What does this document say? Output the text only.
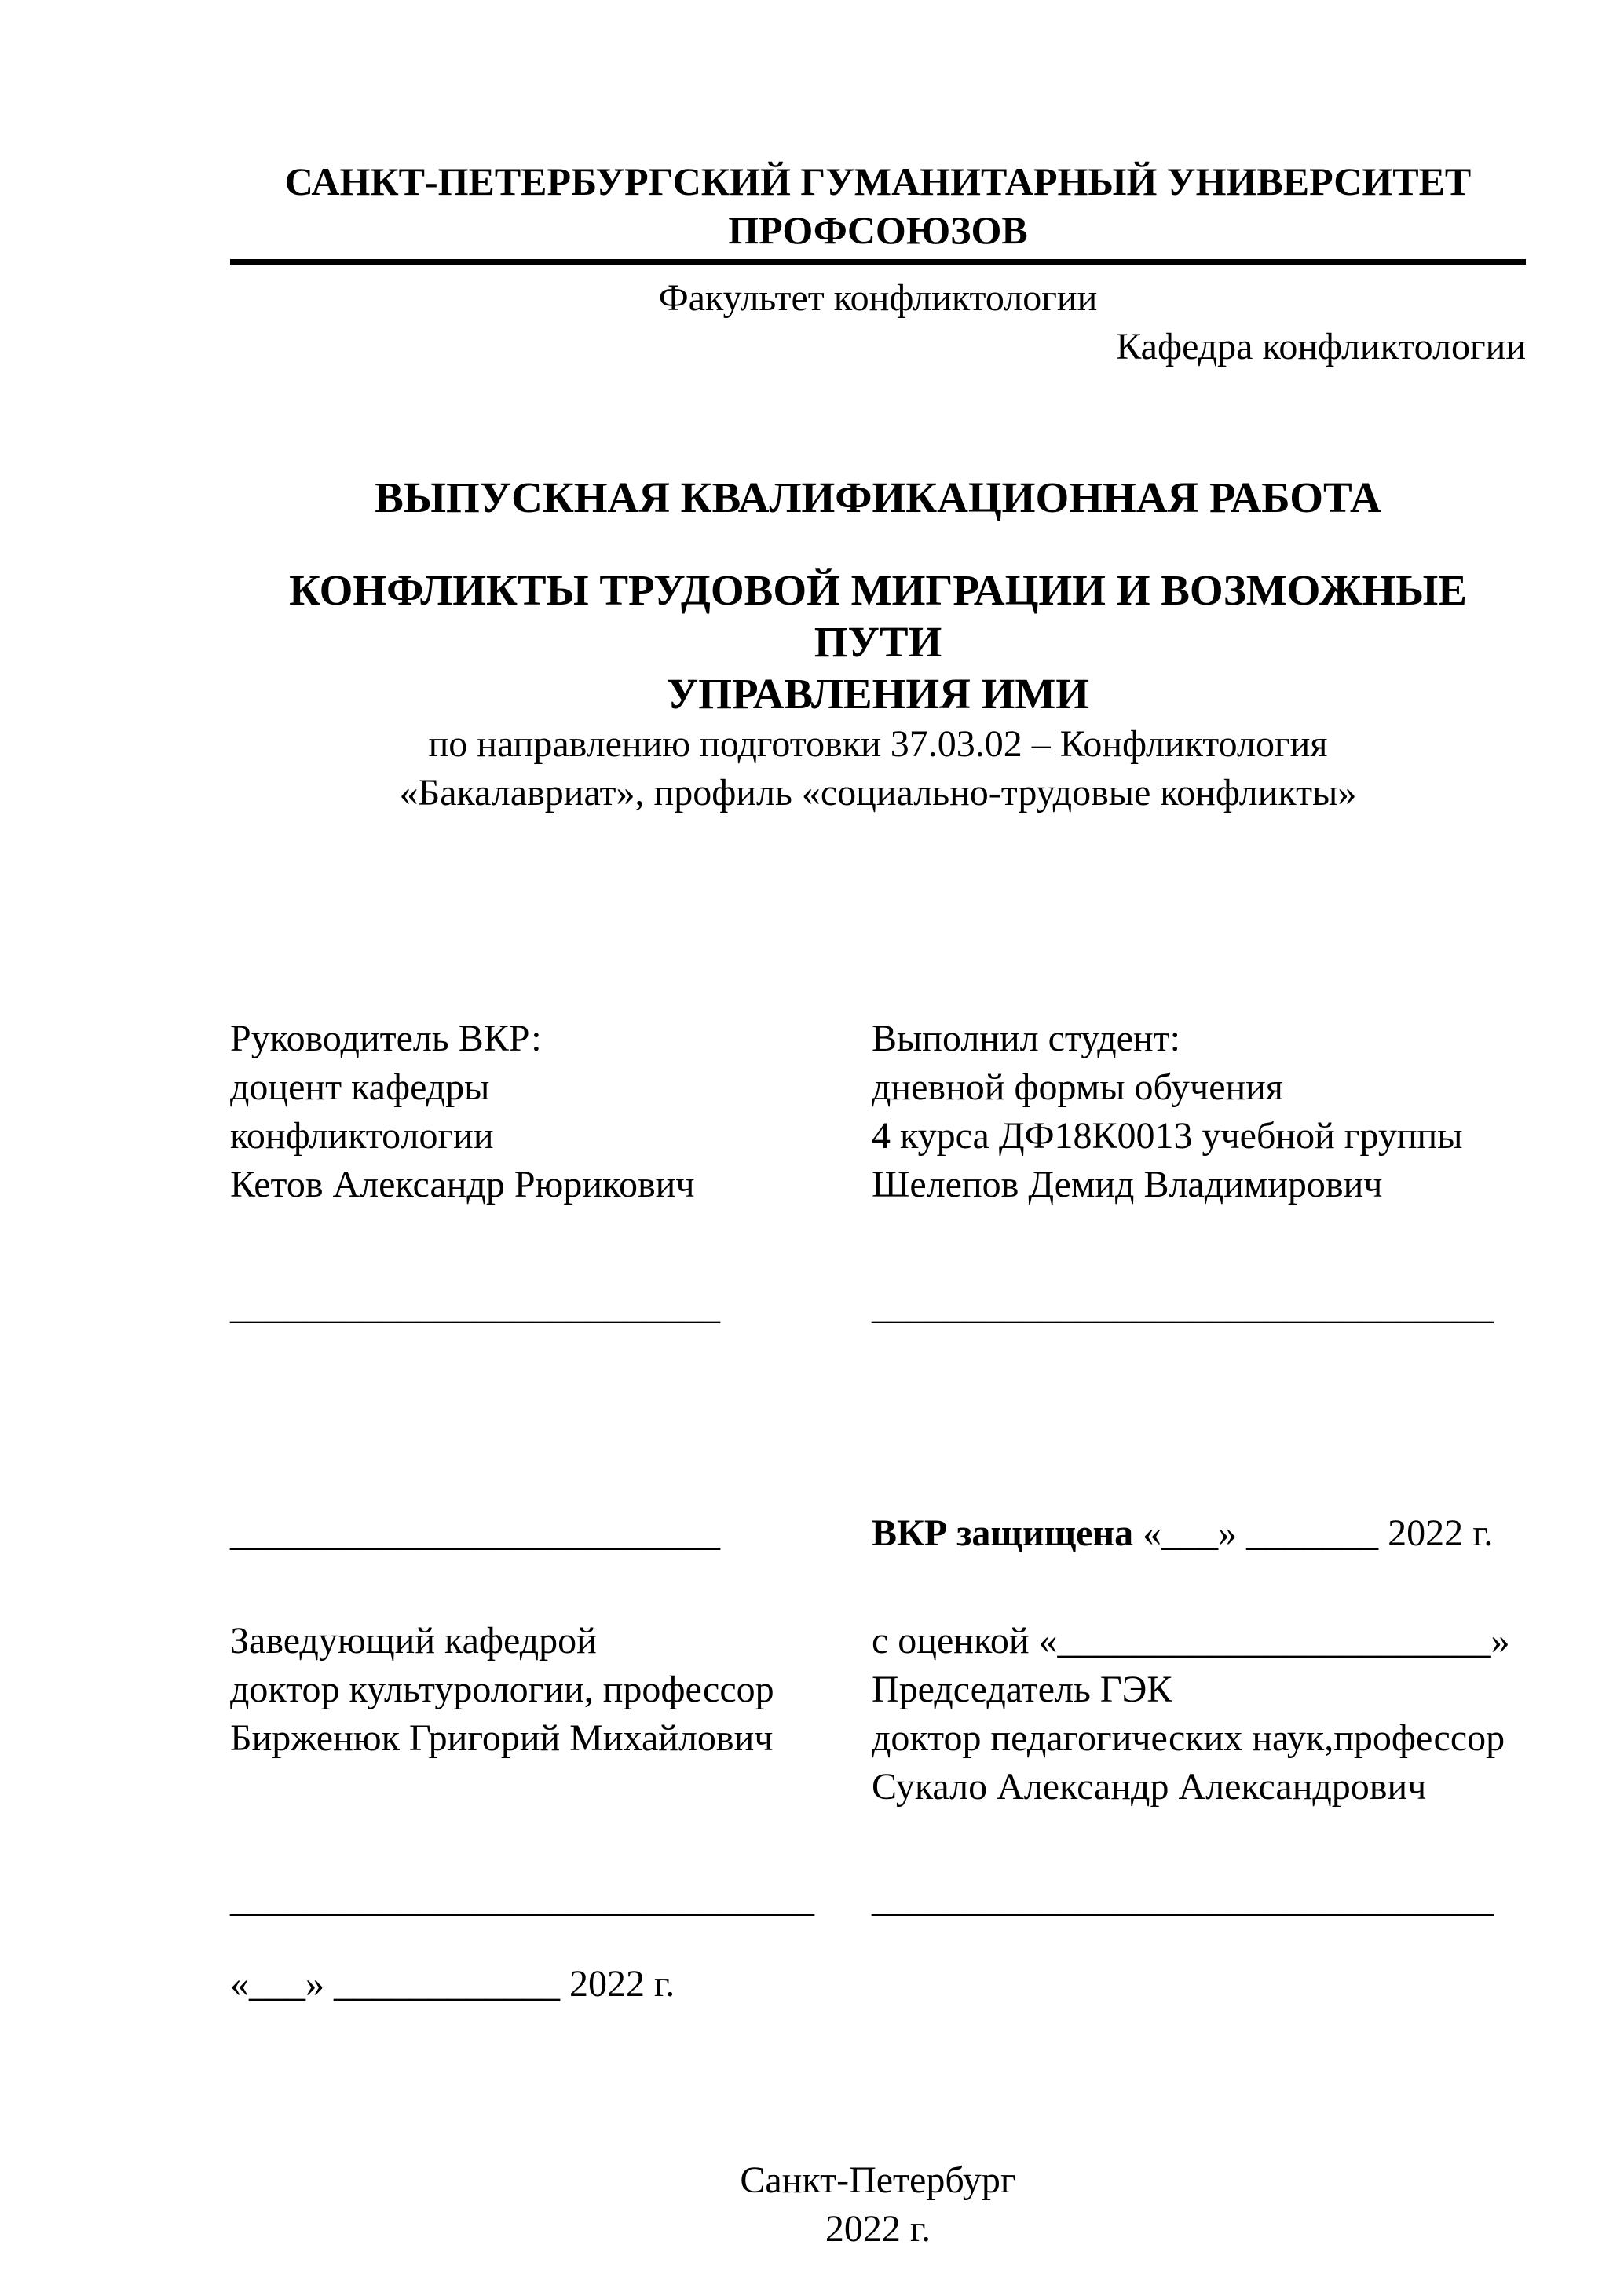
САНКТ-ПЕТЕРБУРГСКИЙ ГУМАНИТАРНЫЙ УНИВЕРСИТЕТ ПРОФСОЮЗОВ
Факультет конфликтологии
Кафедра конфликтологии
ВЫПУСКНАЯ КВАЛИФИКАЦИОННАЯ РАБОТА
КОНФЛИКТЫ ТРУДОВОЙ МИГРАЦИИ И ВОЗМОЖНЫЕ ПУТИ
УПРАВЛЕНИЯ ИМИ
по направлению подготовки 37.03.02 – Конфликтология
«Бакалавриат», профиль «социально-трудовые конфликты»
Руководитель ВКР:
доцент кафедры
конфликтологии
Кетов Александр Рюрикович
__________________________
Выполнил студент:
дневной формы обучения
4 курса ДФ18К0013 учебной группы
Шелепов Демид Владимирович
_________________________________
__________________________
Заведующий кафедрой
доктор культурологии, профессор
Бирженюк Григорий Михайлович
ВКР защищена «___» _______ 2022 г.
с оценкой «_______________________»
Председатель ГЭК
доктор педагогических наук,профессор
Сукало Александр Александрович
_______________________________	_________________________________
«___» ____________ 2022 г.
Санкт-Петербург
2022 г.
